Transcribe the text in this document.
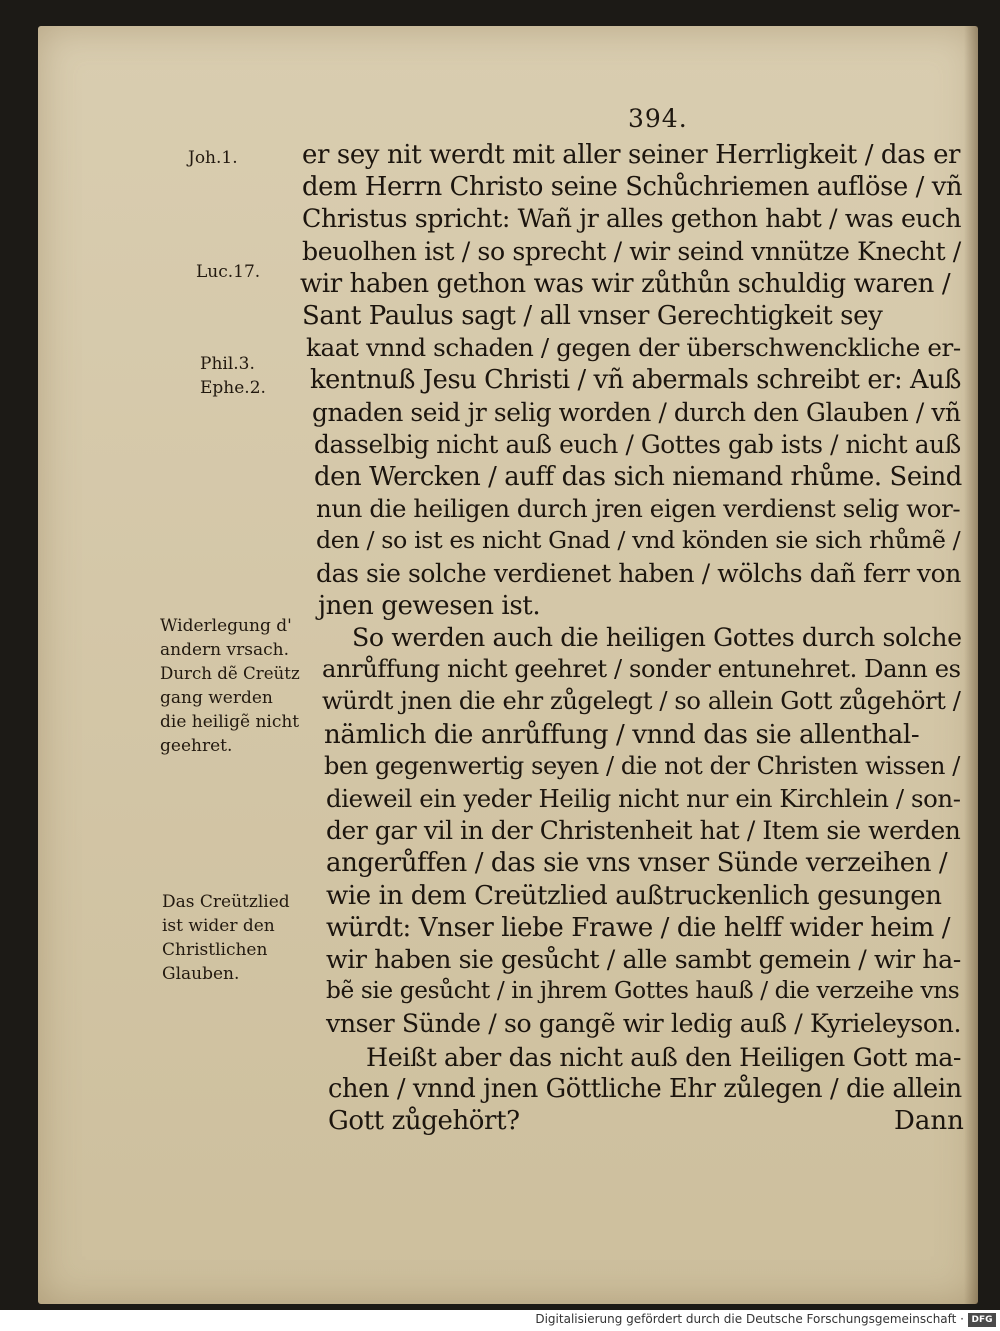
394.
er sey nit werdt mit aller seiner Herrligkeit / das er
dem Herrn Christo seine Schůchriemen auflöse / vñ
Christus spricht: Wañ jr alles gethon habt / was euch
beuolhen ist / so sprecht / wir seind vnnütze Knecht /
wir haben gethon was wir zůthůn schuldig waren /
Sant Paulus sagt / all vnser Gerechtigkeit sey
kaat vnnd schaden / gegen der überschwenckliche er-
kentnuß Jesu Christi / vñ abermals schreibt er: Auß
gnaden seid jr selig worden / durch den Glauben / vñ
dasselbig nicht auß euch / Gottes gab ists / nicht auß
den Wercken / auff das sich niemand rhůme. Seind
nun die heiligen durch jren eigen verdienst selig wor-
den / so ist es nicht Gnad / vnd könden sie sich rhůmẽ /
das sie solche verdienet haben / wölchs dañ ferr von
jnen gewesen ist.
So werden auch die heiligen Gottes durch solche
anrůffung nicht geehret / sonder entunehret. Dann es
würdt jnen die ehr zůgelegt / so allein Gott zůgehört /
nämlich die anrůffung / vnnd das sie allenthal-
ben gegenwertig seyen / die not der Christen wissen /
dieweil ein yeder Heilig nicht nur ein Kirchlein / son-
der gar vil in der Christenheit hat / Item sie werden
angerůffen / das sie vns vnser Sünde verzeihen /
wie in dem Creützlied außtruckenlich gesungen
würdt: Vnser liebe Frawe / die helff wider heim /
wir haben sie gesůcht / alle sambt gemein / wir ha-
bẽ sie gesůcht / in jhrem Gottes hauß / die verzeihe vns
vnser Sünde / so gangẽ wir ledig auß / Kyrieleyson.
Heißt aber das nicht auß den Heiligen Gott ma-
chen / vnnd jnen Göttliche Ehr zůlegen / die allein
Gott zůgehört?
Joh.1.
Luc.17.
Phil.3.
Ephe.2.
Widerlegung d'
andern vrsach.
Durch dẽ Creütz
gang werden
die heiligẽ nicht
geehret.
Das Creützlied
ist wider den
Christlichen
Glauben.
Dann
Digitalisierung gefördert durch die Deutsche Forschungsgemeinschaft · DFG
